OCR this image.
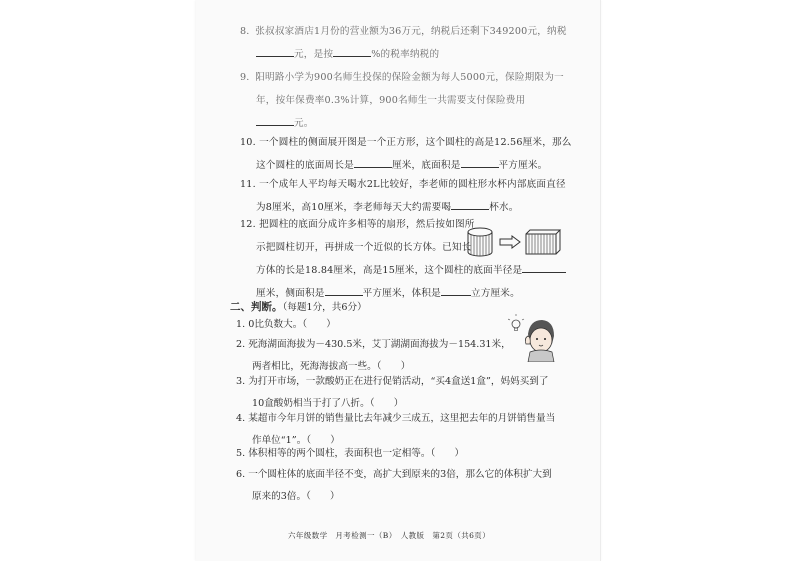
8. 张叔叔家酒店1月份的营业额为36万元，纳税后还剩下349200元，纳税
元，是按	%的税率纳税的
9. 阳明路小学为900名师生投保的保险金额为每人5000元，保险期限为一
年，按年保费率0.3%计算，900名师生一共需要支付保险费用
元。
10. 一个圆柱的侧面展开图是一个正方形，这个圆柱的高是12.56厘米，那么
这个圆柱的底面周长是	厘米，底面积是	平方厘米。
11. 一个成年人平均每天喝水2L比较好，李老师的圆柱形水杯内部底面直径
为8厘米，高10厘米，李老师每天大约需要喝	杯水。
12. 把圆柱的底面分成许多相等的扇形，然后按如图所
示把圆柱切开，再拼成一个近似的长方体。已知长
方体的长是18.84厘米，高是15厘米，这个圆柱的底面半径是
厘米，侧面积是	平方厘米，体积是	立方厘米。
二、判断。（每题1分，共6分）
1. 0比负数大。（　　）
2. 死海湖面海拔为－430.5米，艾丁湖湖面海拔为－154.31米，
两者相比，死海海拔高一些。（　　）
3. 为打开市场，一款酸奶正在进行促销活动，“买4盒送1盒”，妈妈买到了
10盒酸奶相当于打了八折。（　　）
4. 某超市今年月饼的销售量比去年减少三成五，这里把去年的月饼销售量当
作单位“1”。（　　）
5. 体积相等的两个圆柱，表面积也一定相等。（　　）
6. 一个圆柱体的底面半径不变，高扩大到原来的3倍，那么它的体积扩大到
原来的3倍。（　　）
六年级数学　月考检测一（B）　人教版　第2页（共6页）
